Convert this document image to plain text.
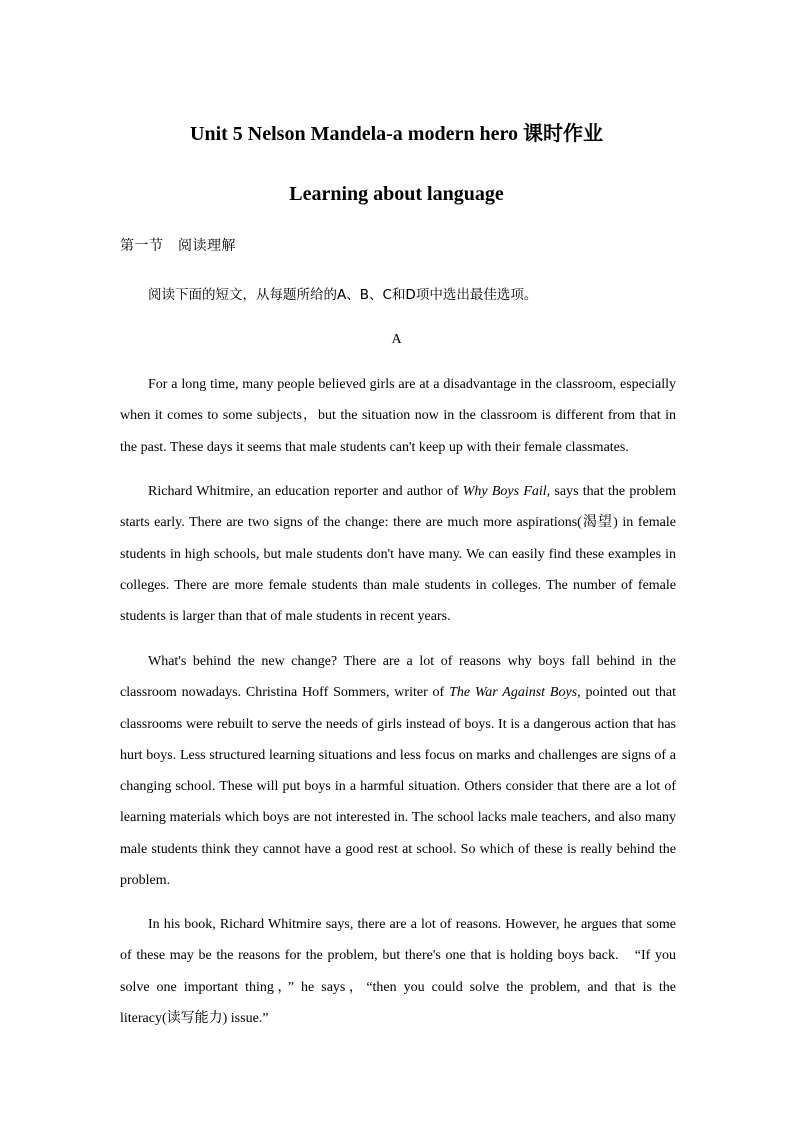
Unit 5 Nelson Mandela-a modern hero 课时作业
Learning about language
第一节　阅读理解
阅读下面的短文，从每题所给的A、B、C和D项中选出最佳选项。
A

For a long time, many people believed girls are at a disadvantage in the classroom, especially when it comes to some subjects，but the situation now in the classroom is different from that in the past. These days it seems that male students can't keep up with their female classmates.

Richard Whitmire, an education reporter and author of Why Boys Fail, says that the problem starts early. There are two signs of the change: there are much more aspirations(渴望) in female students in high schools, but male students don't have many. We can easily find these examples in colleges. There are more female students than male students in colleges. The number of female students is larger than that of male students in recent years.

What's behind the new change? There are a lot of reasons why boys fall behind in the classroom nowadays. Christina Hoff Sommers, writer of The War Against Boys, pointed out that classrooms were rebuilt to serve the needs of girls instead of boys. It is a dangerous action that has hurt boys. Less structured learning situations and less focus on marks and challenges are signs of a changing school. These will put boys in a harmful situation. Others consider that there are a lot of learning materials which boys are not interested in. The school lacks male teachers, and also many male students think they cannot have a good rest at school. So which of these is really behind the problem.

In his book, Richard Whitmire says, there are a lot of reasons. However, he argues that some of these may be the reasons for the problem, but there's one that is holding boys back.　“If you solve one important thing，” he says，“then you could solve the problem, and that is the literacy(读写能力) issue.”
